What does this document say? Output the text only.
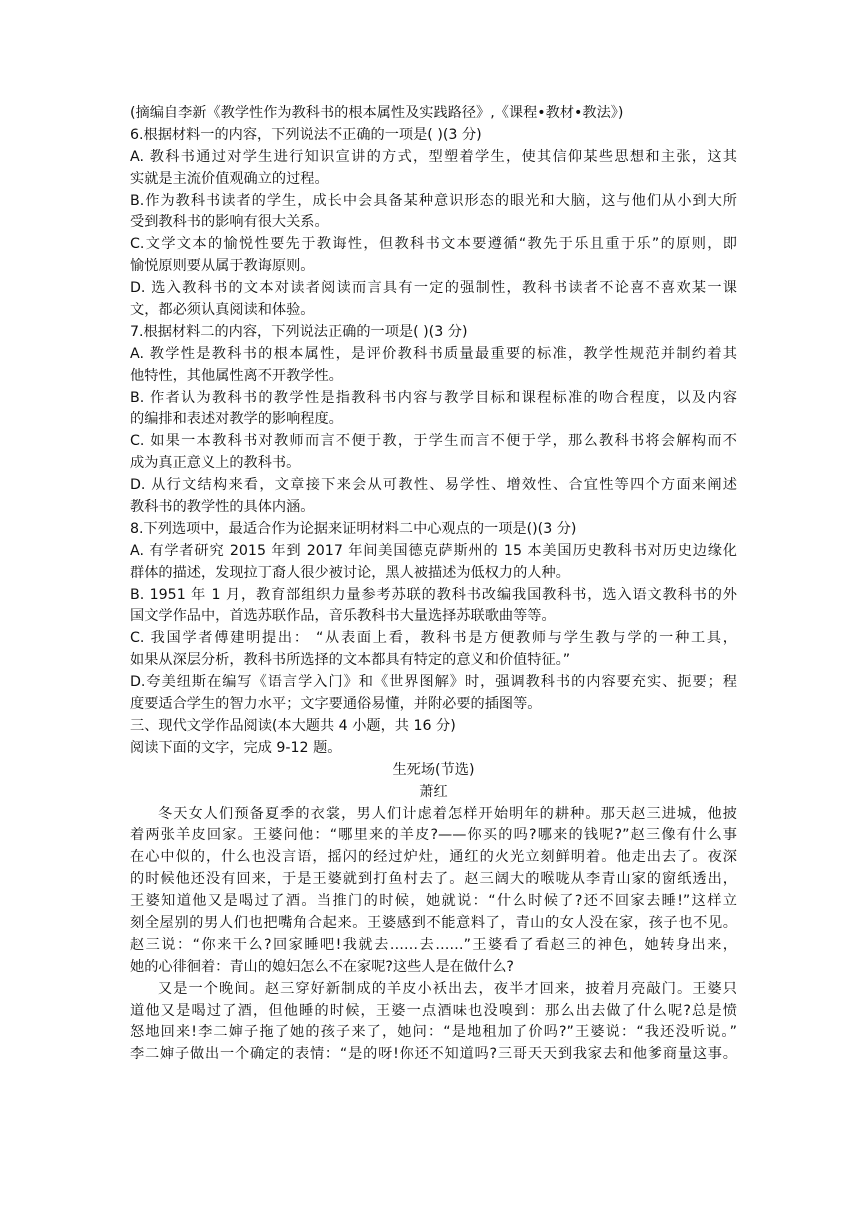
(摘编自李新《教学性作为教科书的根本属性及实践路径》,《课程•教材•教法》)
6.根据材料一的内容，下列说法不正确的一项是( )(3 分)
A. 教科书通过对学生进行知识宣讲的方式，型塑着学生，使其信仰某些思想和主张，这其
实就是主流价值观确立的过程。
B.作为教科书读者的学生，成长中会具备某种意识形态的眼光和大脑，这与他们从小到大所
受到教科书的影响有很大关系。
C.文学文本的愉悦性要先于教诲性，但教科书文本要遵循“教先于乐且重于乐”的原则，即
愉悦原则要从属于教诲原则。
D. 选入教科书的文本对读者阅读而言具有一定的强制性，教科书读者不论喜不喜欢某一课
文，都必须认真阅读和体验。
7.根据材料二的内容，下列说法正确的一项是( )(3 分)
A. 教学性是教科书的根本属性，是评价教科书质量最重要的标准，教学性规范并制约着其
他特性，其他属性离不开教学性。
B. 作者认为教科书的教学性是指教科书内容与教学目标和课程标准的吻合程度，以及内容
的编排和表述对教学的影响程度。
C. 如果一本教科书对教师而言不便于教，于学生而言不便于学，那么教科书将会解构而不
成为真正意义上的教科书。
D. 从行文结构来看，文章接下来会从可教性、易学性、增效性、合宜性等四个方面来阐述
教科书的教学性的具体内涵。
8.下列选项中，最适合作为论据来证明材料二中心观点的一项是()(3 分)
A. 有学者研究 2015 年到 2017 年间美国德克萨斯州的 15 本美国历史教科书对历史边缘化
群体的描述，发现拉丁裔人很少被讨论，黑人被描述为低权力的人种。
B. 1951 年 1 月，教育部组织力量参考苏联的教科书改编我国教科书，选入语文教科书的外
国文学作品中，首选苏联作品，音乐教科书大量选择苏联歌曲等等。
C. 我国学者傅建明提出： “从表面上看，教科书是方便教师与学生教与学的一种工具，
如果从深层分析，教科书所选择的文本都具有特定的意义和价值特征。”
D.夸美纽斯在编写《语言学入门》和《世界图解》时，强调教科书的内容要充实、扼要；程
度要适合学生的智力水平；文字要通俗易懂，并附必要的插图等。
三、现代文学作品阅读(本大题共 4 小题，共 16 分)
阅读下面的文字，完成 9-12 题。
生死场(节选)
萧红
冬天女人们预备夏季的衣裳，男人们计虑着怎样开始明年的耕种。那天赵三进城，他披
着两张羊皮回家。王婆问他：“哪里来的羊皮?——你买的吗?哪来的钱呢?”赵三像有什么事
在心中似的，什么也没言语，摇闪的经过炉灶，通红的火光立刻鲜明着。他走出去了。夜深
的时候他还没有回来，于是王婆就到打鱼村去了。赵三阔大的喉咙从李青山家的窗纸透出，
王婆知道他又是喝过了酒。当推门的时候，她就说：“什么时候了?还不回家去睡!”这样立
刻全屋别的男人们也把嘴角合起来。王婆感到不能意料了，青山的女人没在家，孩子也不见。
赵三说：“你来干么?回家睡吧!我就去……去……”王婆看了看赵三的神色，她转身出来，
她的心徘徊着：青山的媳妇怎么不在家呢?这些人是在做什么?
又是一个晚间。赵三穿好新制成的羊皮小袄出去，夜半才回来，披着月亮敲门。王婆只
道他又是喝过了酒，但他睡的时候，王婆一点酒味也没嗅到：那么出去做了什么呢?总是愤
怒地回来!李二婶子拖了她的孩子来了，她问：“是地租加了价吗?”王婆说：“我还没听说。”
李二婶子做出一个确定的表情：“是的呀!你还不知道吗?三哥天天到我家去和他爹商量这事。
